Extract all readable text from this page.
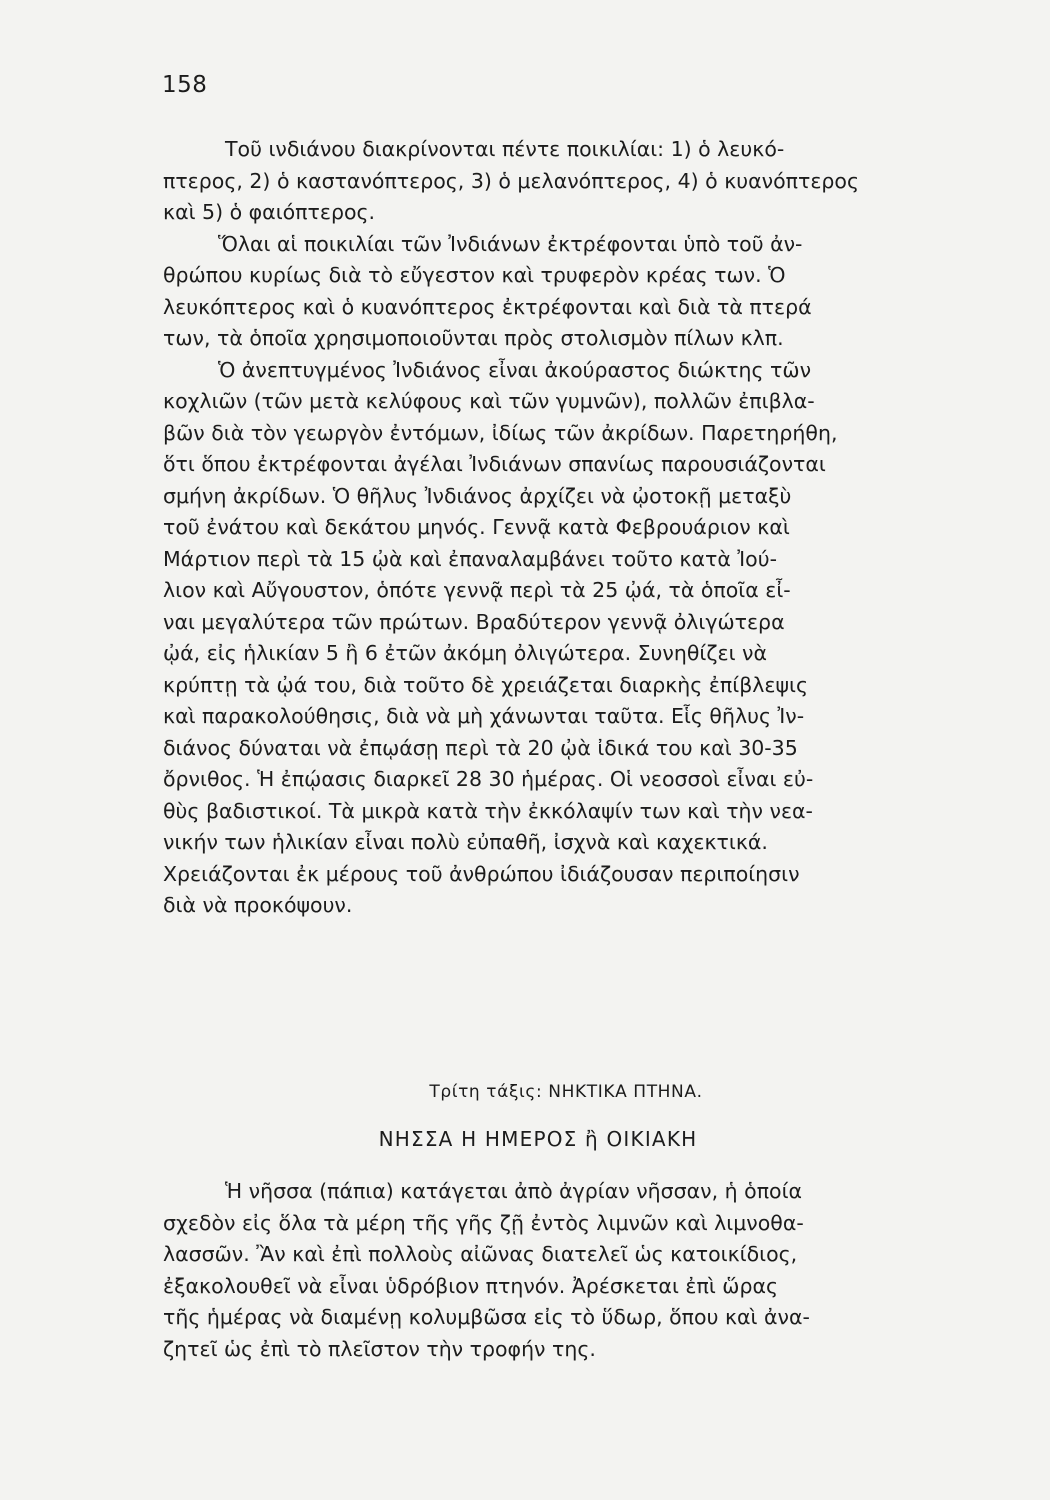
158
Τοῦ ινδιάνου διακρίνονται πέντε ποικιλίαι: 1) ὁ λευκό-
πτερος, 2) ὁ καστανόπτερος, 3) ὁ μελανόπτερος, 4) ὁ κυανόπτερος
καὶ 5) ὁ φαιόπτερος.
Ὅλαι αἱ ποικιλίαι τῶν Ἰνδιάνων ἐκτρέφονται ὑπὸ τοῦ ἀν-
θρώπου κυρίως διὰ τὸ εὔγεστον καὶ τρυφερὸν κρέας των. Ὁ
λευκόπτερος καὶ ὁ κυανόπτερος ἐκτρέφονται καὶ διὰ τὰ πτερά
των, τὰ ὁποῖα χρησιμοποιοῦνται πρὸς στολισμὸν πίλων κλπ.
Ὁ ἀνεπτυγμένος Ἰνδιάνος εἶναι ἀκούραστος διώκτης τῶν
κοχλιῶν (τῶν μετὰ κελύφους καὶ τῶν γυμνῶν), πολλῶν ἐπιβλα-
βῶν διὰ τὸν γεωργὸν ἐντόμων, ἰδίως τῶν ἀκρίδων. Παρετηρήθη,
ὅτι ὅπου ἐκτρέφονται ἀγέλαι Ἰνδιάνων σπανίως παρουσιάζονται
σμήνη ἀκρίδων. Ὁ θῆλυς Ἰνδιάνος ἀρχίζει νὰ ᾠοτοκῇ μεταξὺ
τοῦ ἐνάτου καὶ δεκάτου μηνός. Γεννᾷ κατὰ Φεβρουάριον καὶ
Μάρτιον περὶ τὰ 15 ᾠὰ καὶ ἐπαναλαμβάνει τοῦτο κατὰ Ἰού-
λιον καὶ Αὔγουστον, ὁπότε γεννᾷ περὶ τὰ 25 ᾠά, τὰ ὁποῖα εἶ-
ναι μεγαλύτερα τῶν πρώτων. Βραδύτερον γεννᾷ ὀλιγώτερα
ᾠά, εἰς ἡλικίαν 5 ἢ 6 ἐτῶν ἀκόμη ὀλιγώτερα. Συνηθίζει νὰ
κρύπτῃ τὰ ᾠά του, διὰ τοῦτο δὲ χρειάζεται διαρκὴς ἐπίβλεψις
καὶ παρακολούθησις, διὰ νὰ μὴ χάνωνται ταῦτα. Εἷς θῆλυς Ἰν-
διάνος δύναται νὰ ἐπῳάσῃ περὶ τὰ 20 ᾠὰ ἰδικά του καὶ 30-35
ὄρνιθος. Ἡ ἐπῴασις διαρκεῖ 28 30 ἡμέρας. Οἱ νεοσσοὶ εἶναι εὐ-
θὺς βαδιστικοί. Τὰ μικρὰ κατὰ τὴν ἐκκόλαψίν των καὶ τὴν νεα-
νικήν των ἡλικίαν εἶναι πολὺ εὐπαθῆ, ἰσχνὰ καὶ καχεκτικά.
Χρειάζονται ἐκ μέρους τοῦ ἀνθρώπου ἰδιάζουσαν περιποίησιν
διὰ νὰ προκόψουν.
Τρίτη τάξις: ΝΗΚΤΙΚΑ ΠΤΗΝΑ.
ΝΗΣΣΑ Η ΗΜΕΡΟΣ ἢ ΟΙΚΙΑΚΗ
Ἡ νῆσσα (πάπια) κατάγεται ἀπὸ ἀγρίαν νῆσσαν, ἡ ὁποία
σχεδὸν εἰς ὅλα τὰ μέρη τῆς γῆς ζῇ ἐντὸς λιμνῶν καὶ λιμνοθα-
λασσῶν. Ἂν καὶ ἐπὶ πολλοὺς αἰῶνας διατελεῖ ὡς κατοικίδιος,
ἐξακολουθεῖ νὰ εἶναι ὑδρόβιον πτηνόν. Ἀρέσκεται ἐπὶ ὥρας
τῆς ἡμέρας νὰ διαμένῃ κολυμβῶσα εἰς τὸ ὕδωρ, ὅπου καὶ ἀνα-
ζητεῖ ὡς ἐπὶ τὸ πλεῖστον τὴν τροφήν της.
